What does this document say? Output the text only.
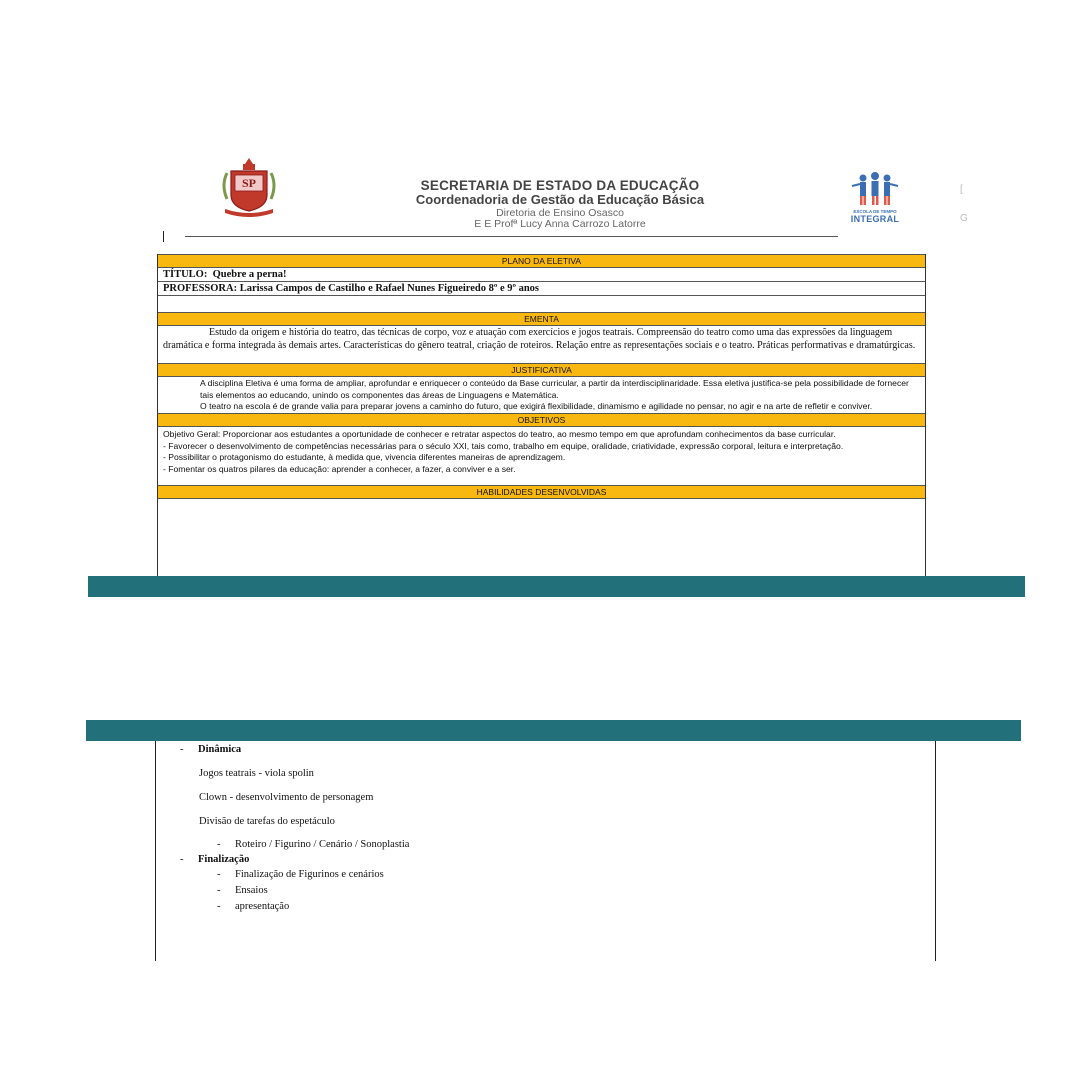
SP	SECRETARIA DE ESTADO DA EDUCAÇÃO
Coordenadoria de Gestão da Educação Básica
Diretoria de Ensino Osasco
E E Profª Lucy Anna Carrozo Latorre
ESCOLA DE TEMPO
INTEGRAL
[
G
PLANO DA ELETIVA
TÍTULO: Quebre a perna!
PROFESSORA: Larissa Campos de Castilho e Rafael Nunes Figueiredo 8º e 9º anos
EMENTA
Estudo da origem e história do teatro, das técnicas de corpo, voz e atuação com exercícios e jogos teatrais. Compreensão do teatro como uma das expressões da linguagem dramática e forma integrada às demais artes. Características do gênero teatral, criação de roteiros. Relação entre as representações sociais e o teatro. Práticas performativas e dramatúrgicas.
JUSTIFICATIVA

A disciplina Eletiva é uma forma de ampliar, aprofundar e enriquecer o conteúdo da Base curricular, a partir da interdisciplinaridade. Essa eletiva justifica-se pela possibilidade de fornecer tais elementos ao educando, unindo os componentes das áreas de Linguagens e Matemática.

O teatro na escola é de grande valia para preparar jovens a caminho do futuro, que exigirá flexibilidade, dinamismo e agilidade no pensar, no agir e na arte de refletir e conviver.

OBJETIVOS

Objetivo Geral: Proporcionar aos estudantes a oportunidade de conhecer e retratar aspectos do teatro, ao mesmo tempo em que aprofundam conhecimentos da base curricular.

- Favorecer o desenvolvimento de competências necessárias para o século XXI, tais como, trabalho em equipe, oralidade, criatividade, expressão corporal, leitura e interpretação.

- Possibilitar o protagonismo do estudante, à medida que, vivencia diferentes maneiras de aprendizagem.

- Fomentar os quatros pilares da educação: aprender a conhecer, a fazer, a conviver e a ser.

HABILIDADES DESENVOLVIDAS
- Dinâmica
Jogos teatrais - viola spolin
Clown - desenvolvimento de personagem
Divisão de tarefas do espetáculo
- Roteiro / Figurino / Cenário / Sonoplastia
- Finalização
- Finalização de Figurinos e cenários
- Ensaios
- apresentação
